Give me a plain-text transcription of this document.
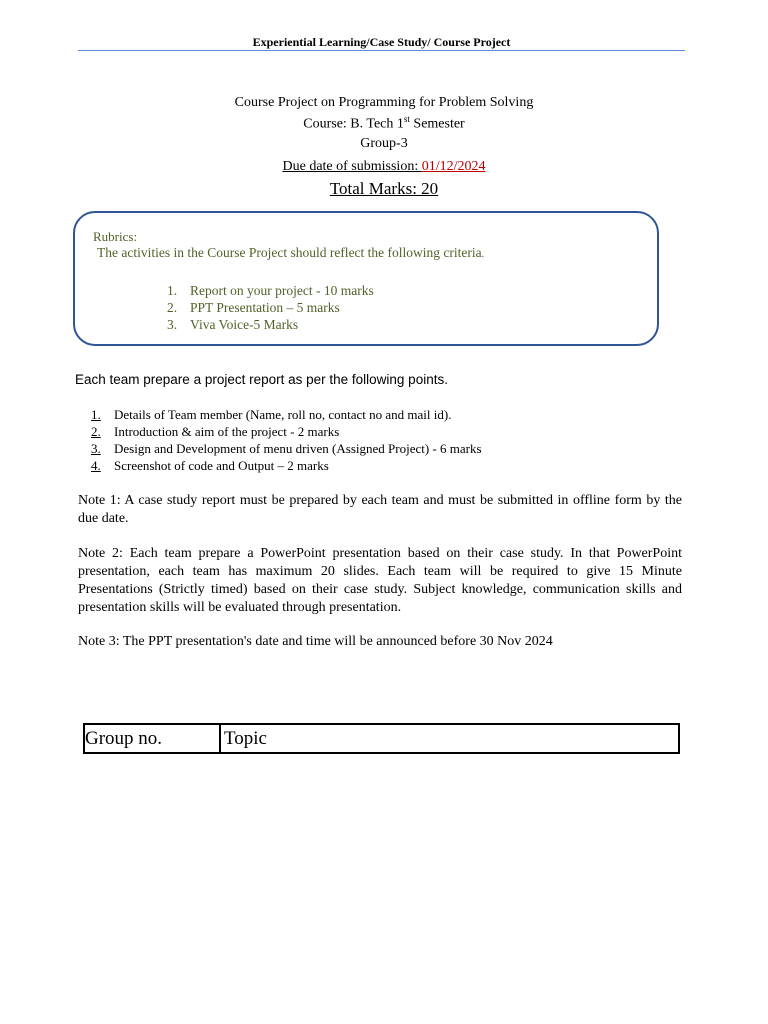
Experiential Learning/Case Study/ Course Project
Course Project on Programming for Problem Solving
Course: B. Tech 1st Semester
Group-3
Due date of submission: 01/12/2024
Total Marks: 20
Rubrics:
The activities in the Course Project should reflect the following criteria.
1. Report on your project - 10 marks
2. PPT Presentation – 5 marks
3. Viva Voice-5 Marks
Each team prepare a project report as per the following points.
1. Details of Team member (Name, roll no, contact no and mail id).
2. Introduction & aim of the project - 2 marks
3. Design and Development of menu driven (Assigned Project) - 6 marks
4. Screenshot of code and Output – 2 marks
Note 1: A case study report must be prepared by each team and must be submitted in offline form by the due date.
Note 2: Each team prepare a PowerPoint presentation based on their case study. In that PowerPoint presentation, each team has maximum 20 slides. Each team will be required to give 15 Minute Presentations (Strictly timed) based on their case study. Subject knowledge, communication skills and presentation skills will be evaluated through presentation.
Note 3: The PPT presentation's date and time will be announced before 30 Nov 2024
Group no.	Topic
